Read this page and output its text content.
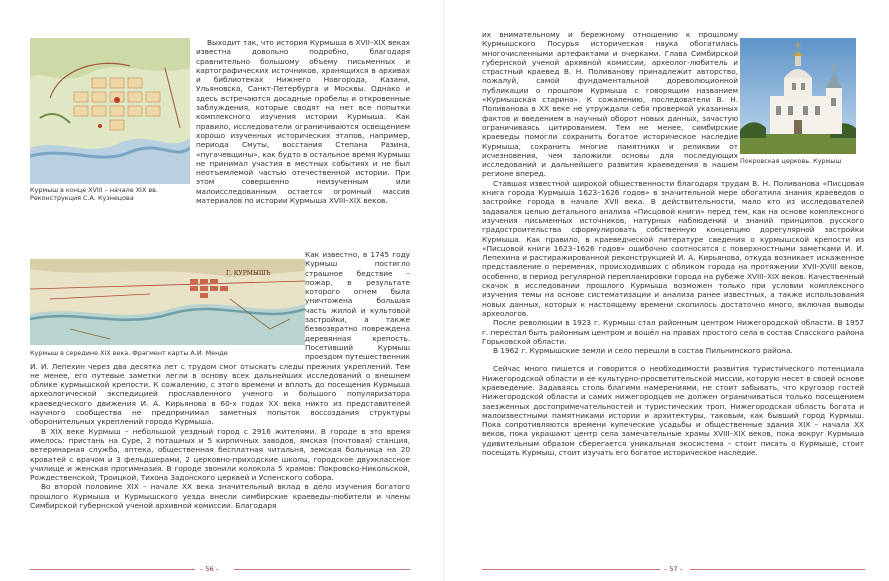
Курмыш в конце XVIII – начале XIX вв. Реконструкция С.А. Кузнецова

Выходит так, что история Курмыша в XVII–XIX веках известна довольно подробно, благодаря сравнительно большому объему письменных и картографических источников, хранящихся в архивах и библиотеках Нижнего Новгорода, Казани, Ульяновска, Санкт-Петербурга и Москвы. Однако и здесь встречаются досадные пробелы и откровенные заблуждения, которые сводят на нет все попытки комплексного изучения истории Курмыша. Как правило, исследователи ограничиваются освещением хорошо изученных исторических этапов, например, периода Смуты, восстания Степана Разина, «пугачевщины», как будто в остальное время Курмыш не принимал участия в местных событиях и не был неотъемлемой частью отечественной истории. При этом совершенно неизученным или малоисследованным остается огромный массив материалов по истории Курмыша XVIII–XIX веков.

Г. КУРМЫШЪ
Курмыш в середине XIX века. Фрагмент карты А.И. Менде

Как известно, в 1745 году Курмыш постигло страшное бедствие – пожар, в результате которого огнем была уничтожена большая часть жилой и культовой застройки, а также безвозвратно повреждена деревянная крепость. Посетивший Курмыш проездом путешественник И. И. Лепехин через два десятка лет с трудом смог отыскать следы прежних укреплений. Тем не менее, его путевые заметки легли в основу всех дальнейших исследований о внешнем облике курмышской крепости. К сожалению, с этого времени и вплоть до посещения Курмыша археологической экспедицией прославленного ученого и большого популяризатора краеведческого движения И. А. Кирьянова в 60-х годах XX века никто из представителей научного сообщества не предпринимал заметных попыток воссоздания структуры оборонительных укреплений города Курмыша.

В XIX веке Курмыш – небольшой уездный город с 2916 жителями. В городе в это время имелось: пристань на Суре, 2 поташных и 5 кирпичных заводов, ямская (почтовая) станция, ветеринарная служба, аптека, общественная бесплатная читальня, земская больница на 20 кроватей с врачом и 3 фельдшерами, 2 церковно-приходские школы, городское двухклассное училище и женская прогимназия. В городе звонили колокола 5 храмов: Покровско-Никольской, Рождественской, Троицкой, Тихона Задонского церквей и Успенского собора.

Во второй половине XIX – начале XX века значительный вклад в дело изучения богатого прошлого Курмыша и Курмышского уезда внесли симбирские краеведы-любители и члены Симбирской губернской ученой архивной комиссии. Благодаря

– 56 –
Покровская церковь. Курмыш

их внимательному и бережному отношению к прошлому Курмышского Посурья историческая наука обогатилась многочисленными артефактами и очерками. Глава Симбирской губернской ученой архивной комиссии, археолог-любитель и страстный краевед В. Н. Поливанову принадлежит авторство, пожалуй, самой фундаментальной дореволюционной публикации о прошлом Курмыша с говорящим названием «Курмышская старина». К сожалению, последователи В. Н. Поливанова в XX веке не утруждали себя проверкой указанных фактов и введением в научный оборот новых данных, зачастую ограничиваясь цитированием. Тем не менее, симбирские краеведы помогли сохранить богатое историческое наследие Курмыша, сохранить многие памятники и реликвии от исчезновения, чем заложили основы для последующих исследований и дальнейшего развития краеведения в нашем регионе вперед.

Ставшая известной широкой общественности благодаря трудам В. Н. Поливанова «Писцовая книга города Курмыша 1623–1626 годов» в значительной мере обогатила знания краеведов о застройке города в начале XVII века. В действительности, мало кто из исследователей задавался целью детального анализа «Писцовой книги» перед тем, как на основе комплексного изучения письменных источников, натурных наблюдений и знаний принципов русского градостроительства сформулировать собственную концепцию доpeгулярной застройки Курмыша. Как правило, в краеведческой литературе сведения о курмышской крепости из «Писцовой книги 1623–1626 годов» ошибочно соотносятся с поверхностными заметками И. И. Лепехина и растиражированной реконструкцией И. А. Кирьянова, откуда возникает искаженное представление о переменах, происходивших с обликом города на протяжении XVII–XVIII веков, особенно, в период регулярной перепланировки города на рубеже XVIII–XIX веков. Качественный скачок в исследовании прошлого Курмыша возможен только при условии комплексного изучения темы на основе систематизации и анализа ранее известных, а также использования новых данных, которых к настоящему времени скопилось достаточно много, включая выводы археологов.

После революции в 1923 г. Курмыш стал районным центром Нижегородской области. В 1957 г. перестал быть районным центром и вошёл на правах простого села в состав Спасского района Горьковской области.

В 1962 г. Курмышские земли и село перешли в состав Пильнинского района.

Сейчас много пишется и говорится о необходимости развития туристического потенциала Нижегородской области и ее культурно-просветительской миссии, которую несет в своей основе краеведение. Задаваясь столь благими намерениями, не стоит забывать, что кругозор гостей Нижегородской области и самих нижегородцев не должен ограничиваться только посещением заезженных достопримечательностей и туристических троп. Нижегородская область богата и малоизвестными памятниками истории и архитектуры, таковым, как бывший город Курмыш. Пока сопротивляются времени купеческие усадьбы и общественные здания XIX – начала XX веков, пока украшают центр села замечательные храмы XVIII–XIX веков, пока вокруг Курмыша удивительным образом сберегается уникальная экосистема – стоит писать о Курмыше, стоит посещать Курмыш, стоит изучать его богатое историческое наследие.

– 57 –
